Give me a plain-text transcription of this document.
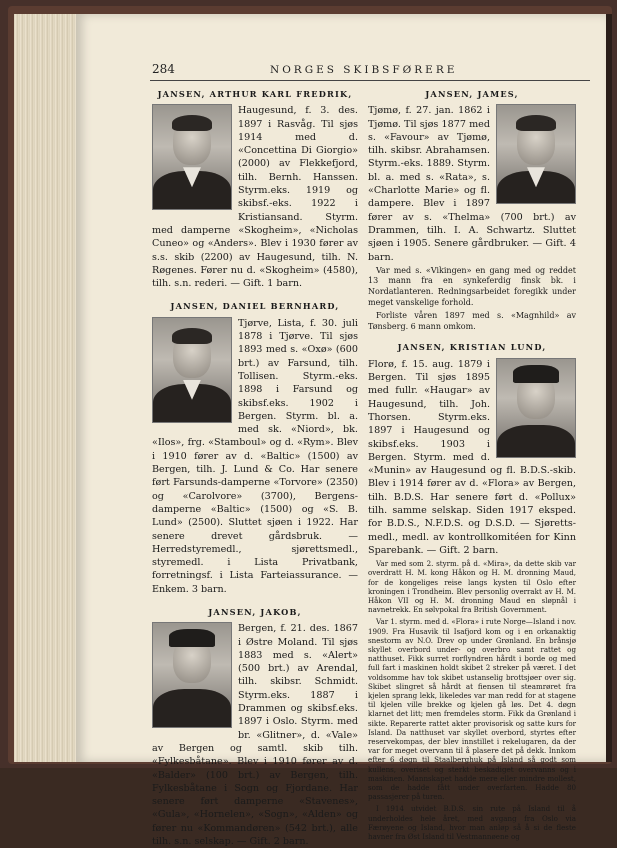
284	NORGES SKIBSFØRERE
JANSEN, ARTHUR KARL FREDRIK,

Haugesund, f. 3. des. 1897 i Rasvåg. Til sjøs 1914 med d. «Concettina Di Giorgio» (2000) av Flekkefjord, tilh. Bernh. Hanssen. Styrm.eks. 1919 og skibsf.-eks. 1922 i Kristiansand. Styrm. med damperne «Skogheim», «Nicholas Cuneo» og «Anders». Blev i 1930 fører av s.s. skib (2200) av Haugesund, tilh. N. Røgenes. Fører nu d. «Skogheim» (4580), tilh. s.n. rederi. — Gift. 1 barn.

JANSEN, DANIEL BERNHARD,

Tjørve, Lista, f. 30. juli 1878 i Tjørve. Til sjøs 1893 med s. «Oxø» (600 brt.) av Farsund, tilh. Tollisen. Styrm.-eks. 1898 i Farsund og skibsf.eks. 1902 i Bergen. Styrm. bl. a. med sk. «Niord», bk. «Ilos», frg. «Stamboul» og d. «Rym». Blev i 1910 fører av d. «Baltic» (1500) av Bergen, tilh. J. Lund & Co. Har senere ført Farsunds-damperne «Torvore» (2350) og «Carolvore» (3700), Bergens-damperne «Baltic» (1500) og «S. B. Lund» (2500). Sluttet sjøen i 1922. Har senere drevet gårdsbruk. — Herredstyremedl., sjørettsmedl., styremedl. i Lista Privatbank, forretningsf. i Lista Farteiassurance. — Enkem. 3 barn.

JANSEN, JAKOB,

Bergen, f. 21. des. 1867 i Østre Moland. Til sjøs 1883 med s. «Alert» (500 brt.) av Arendal, tilh. skibsr. Schmidt. Styrm.eks. 1887 i Drammen og skibsf.eks. 1897 i Oslo. Styrm. med br. «Glitner», d. «Vale» av Bergen og samtl. skib tilh. «Fylkesbåtane». Blev i 1910 fører av d. «Balder» (100 brt.) av Bergen, tilh. Fylkesbåtane i Sogn og Fjordane. Har senere ført damperne «Stavenes», «Gula», «Hornelen», «Sogn», «Alden» og fører nu «Kommandøren» (542 brt.), alle tilh. s.n. selskap. — Gift. 2 barn.

JANSEN, JAMES,

Tjømø, f. 27. jan. 1862 i Tjømø. Til sjøs 1877 med s. «Favour» av Tjømø, tilh. skibsr. Abrahamsen. Styrm.-eks. 1889. Styrm. bl. a. med s. «Rata», s. «Charlotte Marie» og fl. dampere. Blev i 1897 fører av s. «Thelma» (700 brt.) av Drammen, tilh. I. A. Schwartz. Sluttet sjøen i 1905. Senere gårdbruker. — Gift. 4 barn.

Var med s. «Vikingen» en gang med og reddet 13 mann fra en synkeferdig finsk bk. i Nordatlanteren. Redningsarbeidet foregikk under meget vanskelige forhold.

Forliste våren 1897 med s. «Magnhild» av Tønsberg. 6 mann omkom.

JANSEN, KRISTIAN LUND,

Florø, f. 15. aug. 1879 i Bergen. Til sjøs 1895 med fullr. «Haugar» av Haugesund, tilh. Joh. Thorsen. Styrm.eks. 1897 i Haugesund og skibsf.eks. 1903 i Bergen. Styrm. med d. «Munin» av Haugesund og fl. B.D.S.-skib. Blev i 1914 fører av d. «Flora» av Bergen, tilh. B.D.S. Har senere ført d. «Pollux» tilh. samme selskap. Siden 1917 eksped. for B.D.S., N.F.D.S. og D.S.D. — Sjørettsmedl., medl. av kontrollkomitéen for Kinn Sparebank. — Gift. 2 barn.

Var med som 2. styrm. på d. «Mira», da dette skib var overdratt H. M. kong Håkon og H. M. dronning Maud, for de kongeliges reise langs kysten til Oslo efter kroningen i Trondheim. Blev personlig overrakt av H. M. Håkon VII og H. M. dronning Maud en sløpnål i navnetrekk. En sølvpokal fra British Government.

Var 1. styrm. med d. «Flora» i rute Norge—Island i nov. 1909. Fra Husavik til Isafjord kom og i en orkanaktig snestorm av N.O. Drev op under Grønland. En brånsjø skyllet overbord under- og overbro samt rattet og natthuset. Fikk surret rorflyndren hårdt i borde og med full fart i maskinen holdt skibet 2 streker på været. I det voldsomme hav tok skibet ustanselig brottsjøer over sig. Skibet slingret så hårdt at fiensen til steamrøret fra kjelen sprang lekk, likeledes var man redd for at stagene til kjelen ville brekke og kjelen gå løs. Det 4. døgn klarnet det litt; men fremdeles storm. Fikk da Grønland i sikte. Reparerte rattet akter provisorisk og satte kurs for Island. Da natthuset var skyllet overbord, styrtes efter reservekompas, der blev innstillet i rekelugaren, da der var for meget overvann til å plasere det på dekk. Innkom efter 6 døgn til Staalberghuk på Island så godt som kullens, overiset og sterkt beskadiget overvanns og i maskinen. Mannskapet hadde mere eller mindre mollest, som de hadde fått under overfarten. Hadde 80 passasjerer på turen.

I 1914 utvidet B.D.S. sin rute på Island til å underholdes hele året, med avgang fra Oslo via Færøyene og Island, hvor man anløp så å si de fleste havner fra Øst Island til Vestmannøene og
